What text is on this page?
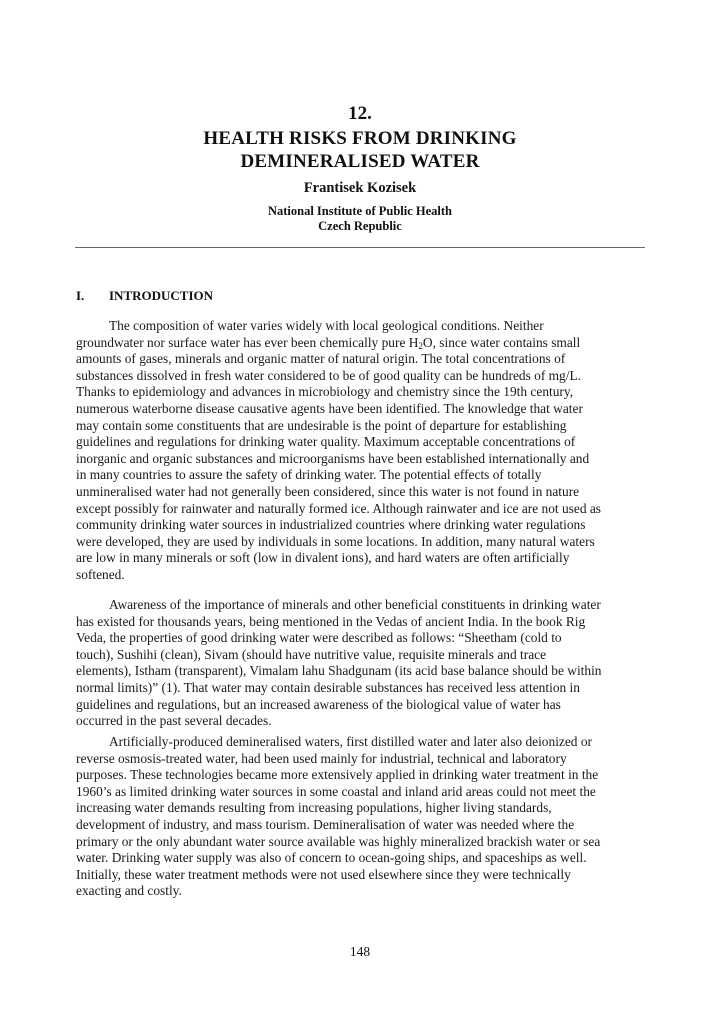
12.
HEALTH RISKS FROM DRINKING
DEMINERALISED WATER
Frantisek Kozisek
National Institute of Public Health
Czech Republic
I. INTRODUCTION
The composition of water varies widely with local geological conditions. Neither
groundwater nor surface water has ever been chemically pure $H_2O$, since water contains small
amounts of gases, minerals and organic matter of natural origin. The total concentrations of
substances dissolved in fresh water considered to be of good quality can be hundreds of mg/L.
Thanks to epidemiology and advances in microbiology and chemistry since the 19th century,
numerous waterborne disease causative agents have been identified. The knowledge that water
may contain some constituents that are undesirable is the point of departure for establishing
guidelines and regulations for drinking water quality. Maximum acceptable concentrations of
inorganic and organic substances and microorganisms have been established internationally and
in many countries to assure the safety of drinking water. The potential effects of totally
unmineralised water had not generally been considered, since this water is not found in nature
except possibly for rainwater and naturally formed ice. Although rainwater and ice are not used as
community drinking water sources in industrialized countries where drinking water regulations
were developed, they are used by individuals in some locations. In addition, many natural waters
are low in many minerals or soft (low in divalent ions), and hard waters are often artificially
softened.
Awareness of the importance of minerals and other beneficial constituents in drinking water
has existed for thousands years, being mentioned in the Vedas of ancient India. In the book Rig
Veda, the properties of good drinking water were described as follows: “Sheetham (cold to
touch), Sushihi (clean), Sivam (should have nutritive value, requisite minerals and trace
elements), Istham (transparent), Vimalam lahu Shadgunam (its acid base balance should be within
normal limits)” (1). That water may contain desirable substances has received less attention in
guidelines and regulations, but an increased awareness of the biological value of water has
occurred in the past several decades.
Artificially-produced demineralised waters, first distilled water and later also deionized or
reverse osmosis-treated water, had been used mainly for industrial, technical and laboratory
purposes. These technologies became more extensively applied in drinking water treatment in the
1960’s as limited drinking water sources in some coastal and inland arid areas could not meet the
increasing water demands resulting from increasing populations, higher living standards,
development of industry, and mass tourism. Demineralisation of water was needed where the
primary or the only abundant water source available was highly mineralized brackish water or sea
water. Drinking water supply was also of concern to ocean-going ships, and spaceships as well.
Initially, these water treatment methods were not used elsewhere since they were technically
exacting and costly.
148
